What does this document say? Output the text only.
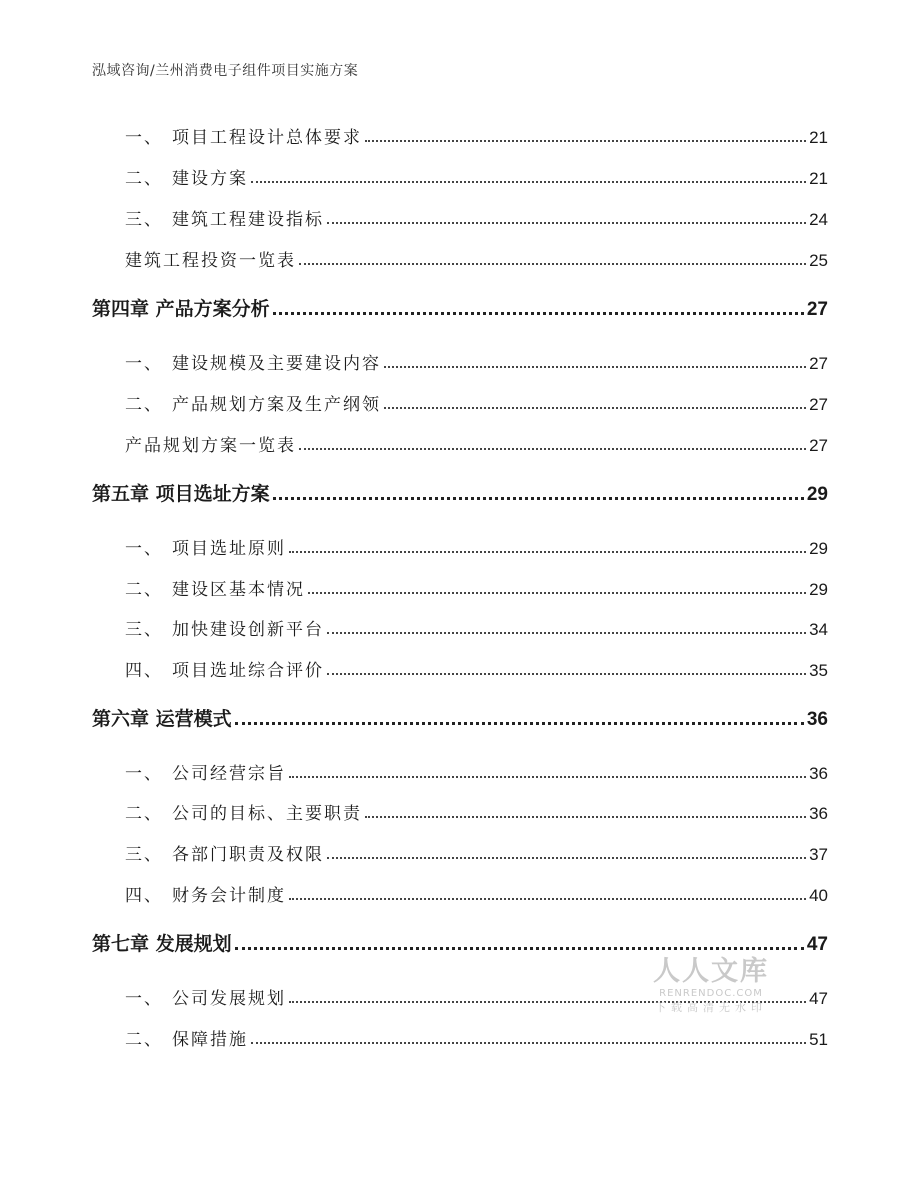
泓域咨询/兰州消费电子组件项目实施方案
一、 项目工程设计总体要求	21
二、 建设方案	21
三、 建筑工程建设指标	24
建筑工程投资一览表	25
第四章 产品方案分析	27
一、 建设规模及主要建设内容	27
二、 产品规划方案及生产纲领	27
产品规划方案一览表	27
第五章 项目选址方案	29
一、 项目选址原则	29
二、 建设区基本情况	29
三、 加快建设创新平台	34
四、 项目选址综合评价	35
第六章 运营模式	36
一、 公司经营宗旨	36
二、 公司的目标、主要职责	36
三、 各部门职责及权限	37
四、 财务会计制度	40
第七章 发展规划	47
一、 公司发展规划	47
二、 保障措施	51
人人文库
RENRENDOC.COM
下载高清无水印
